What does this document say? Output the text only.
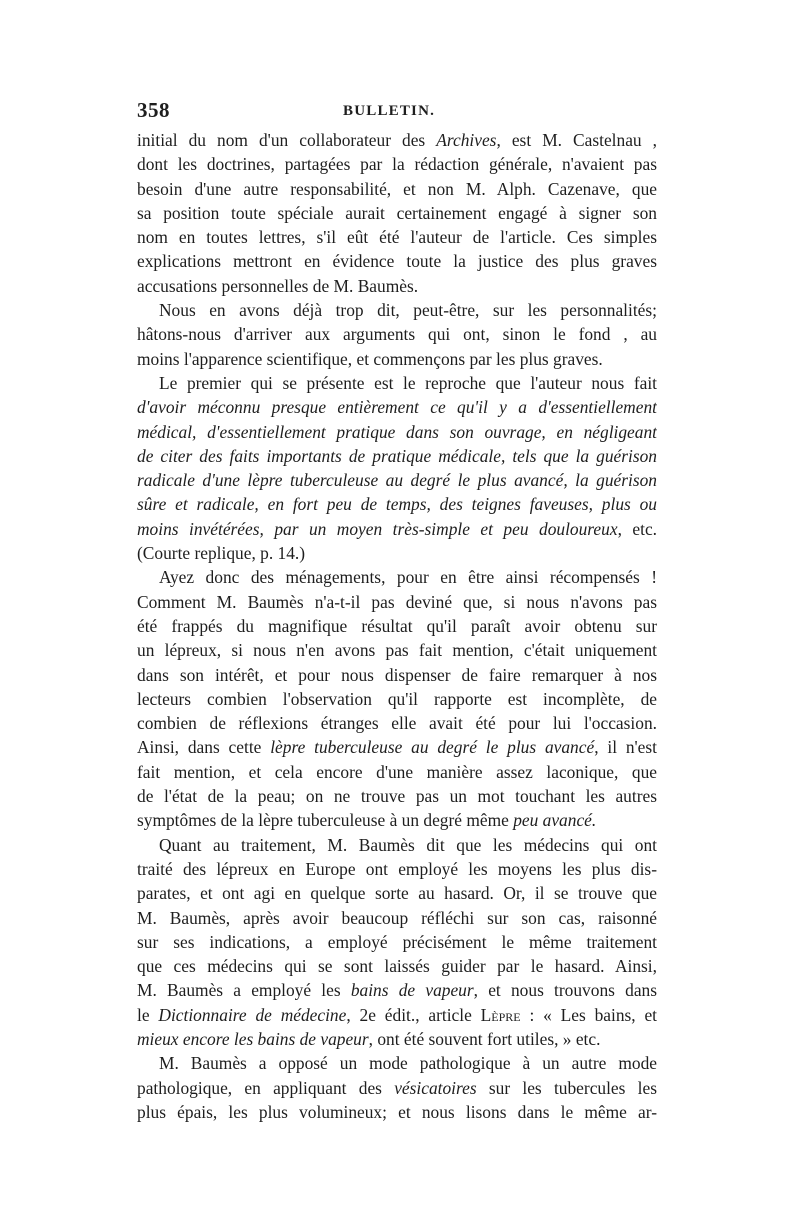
358	BULLETIN.
initial du nom d'un collaborateur des Archives, est M. Castelnau ,
dont les doctrines, partagées par la rédaction générale, n'avaient pas
besoin d'une autre responsabilité, et non M. Alph. Cazenave, que
sa position toute spéciale aurait certainement engagé à signer son
nom en toutes lettres, s'il eût été l'auteur de l'article. Ces simples
explications mettront en évidence toute la justice des plus graves
accusations personnelles de M. Baumès.
Nous en avons déjà trop dit, peut-être, sur les personnalités;
hâtons-nous d'arriver aux arguments qui ont, sinon le fond , au
moins l'apparence scientifique, et commençons par les plus graves.
Le premier qui se présente est le reproche que l'auteur nous fait
d'avoir méconnu presque entièrement ce qu'il y a d'essentiellement
médical, d'essentiellement pratique dans son ouvrage, en négligeant
de citer des faits importants de pratique médicale, tels que la guérison
radicale d'une lèpre tuberculeuse au degré le plus avancé, la guérison
sûre et radicale, en fort peu de temps, des teignes faveuses, plus ou
moins invétérées, par un moyen très-simple et peu douloureux, etc.
(Courte replique, p. 14.)
Ayez donc des ménagements, pour en être ainsi récompensés !
Comment M. Baumès n'a-t-il pas deviné que, si nous n'avons pas
été frappés du magnifique résultat qu'il paraît avoir obtenu sur
un lépreux, si nous n'en avons pas fait mention, c'était uniquement
dans son intérêt, et pour nous dispenser de faire remarquer à nos
lecteurs combien l'observation qu'il rapporte est incomplète, de
combien de réflexions étranges elle avait été pour lui l'occasion.
Ainsi, dans cette lèpre tuberculeuse au degré le plus avancé, il n'est
fait mention, et cela encore d'une manière assez laconique, que
de l'état de la peau; on ne trouve pas un mot touchant les autres
symptômes de la lèpre tuberculeuse à un degré même peu avancé.
Quant au traitement, M. Baumès dit que les médecins qui ont
traité des lépreux en Europe ont employé les moyens les plus dis-
parates, et ont agi en quelque sorte au hasard. Or, il se trouve que
M. Baumès, après avoir beaucoup réfléchi sur son cas, raisonné
sur ses indications, a employé précisément le même traitement
que ces médecins qui se sont laissés guider par le hasard. Ainsi,
M. Baumès a employé les bains de vapeur, et nous trouvons dans
le Dictionnaire de médecine, 2e édit., article Lèpre : « Les bains, et
mieux encore les bains de vapeur, ont été souvent fort utiles, » etc.
M. Baumès a opposé un mode pathologique à un autre mode
pathologique, en appliquant des vésicatoires sur les tubercules les
plus épais, les plus volumineux; et nous lisons dans le même ar-
